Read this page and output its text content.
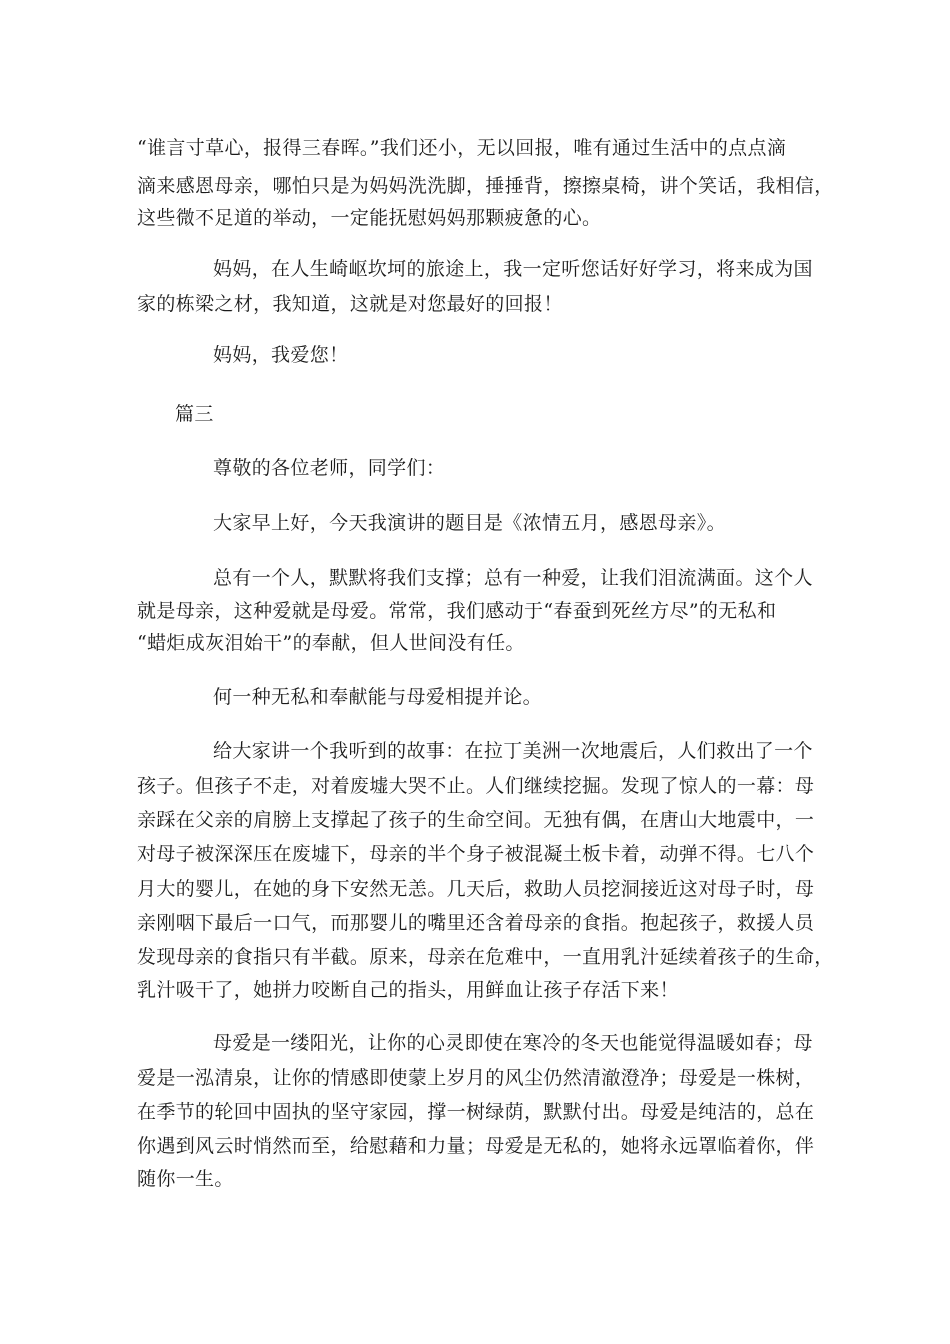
“谁言寸草心，报得三春晖。”我们还小，无以回报，唯有通过生活中的点点滴
滴来感恩母亲，哪怕只是为妈妈洗洗脚，捶捶背，擦擦桌椅，讲个笑话，我相信，
这些微不足道的举动，一定能抚慰妈妈那颗疲惫的心。
妈妈，在人生崎岖坎坷的旅途上，我一定听您话好好学习，将来成为国
家的栋梁之材，我知道，这就是对您最好的回报！
妈妈，我爱您！
篇三
尊敬的各位老师，同学们：
大家早上好，今天我演讲的题目是《浓情五月，感恩母亲》。
总有一个人，默默将我们支撑；总有一种爱，让我们泪流满面。这个人
就是母亲，这种爱就是母爱。常常，我们感动于“春蚕到死丝方尽”的无私和
“蜡炬成灰泪始干”的奉献，但人世间没有任。
何一种无私和奉献能与母爱相提并论。
给大家讲一个我听到的故事：在拉丁美洲一次地震后，人们救出了一个
孩子。但孩子不走，对着废墟大哭不止。人们继续挖掘。发现了惊人的一幕：母
亲踩在父亲的肩膀上支撑起了孩子的生命空间。无独有偶，在唐山大地震中，一
对母子被深深压在废墟下，母亲的半个身子被混凝土板卡着，动弹不得。七八个
月大的婴儿，在她的身下安然无恙。几天后，救助人员挖洞接近这对母子时，母
亲刚咽下最后一口气，而那婴儿的嘴里还含着母亲的食指。抱起孩子，救援人员
发现母亲的食指只有半截。原来，母亲在危难中，一直用乳汁延续着孩子的生命，
乳汁吸干了，她拼力咬断自己的指头，用鲜血让孩子存活下来！
母爱是一缕阳光，让你的心灵即使在寒冷的冬天也能觉得温暖如春；母
爱是一泓清泉，让你的情感即使蒙上岁月的风尘仍然清澈澄净；母爱是一株树，
在季节的轮回中固执的坚守家园，撑一树绿荫，默默付出。母爱是纯洁的，总在
你遇到风云时悄然而至，给慰藉和力量；母爱是无私的，她将永远罩临着你，伴
随你一生。
